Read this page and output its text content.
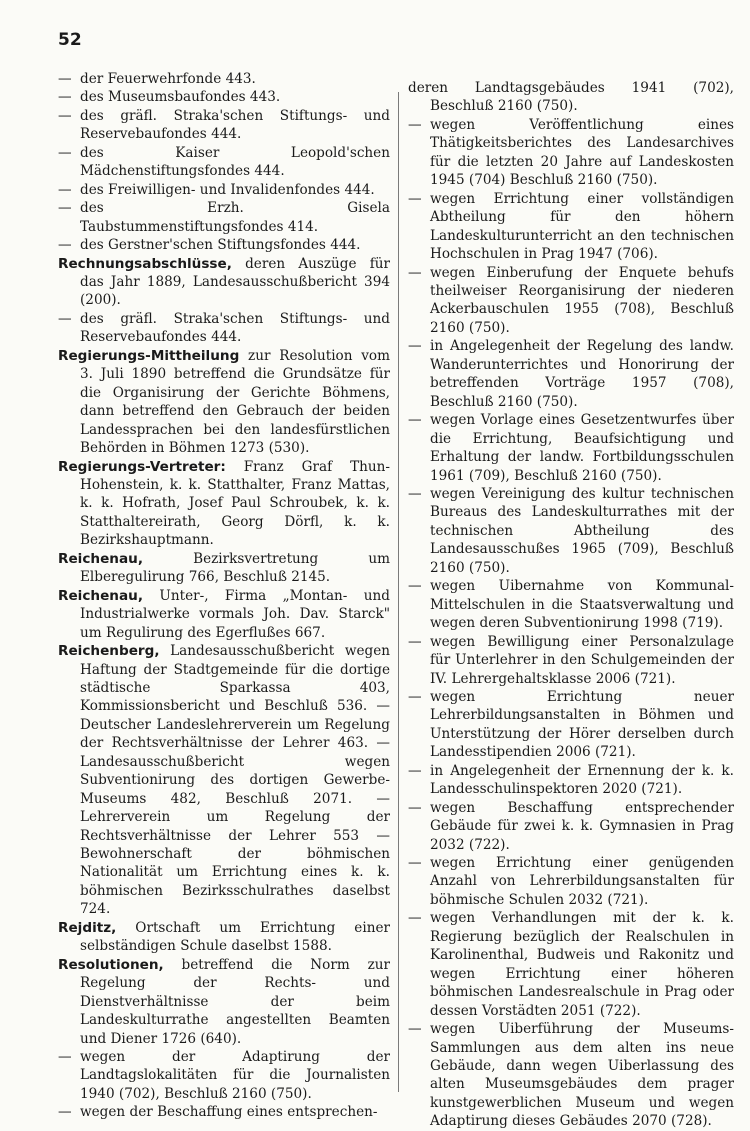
52

— der Feuerwehrfonde 443.

— des Museumsbaufondes 443.

— des gräfl. Straka'schen Stiftungs- und Reservebaufondes 444.

— des Kaiser Leopold'schen Mädchenstiftungsfondes 444.

— des Freiwilligen- und Invalidenfondes 444.

— des Erzh. Gisela Taubstummenstiftungsfondes 414.

— des Gerstner'schen Stiftungsfondes 444.

Rechnungsabschlüsse, deren Auszüge für das Jahr 1889, Landesausschußbericht 394 (200).

— des gräfl. Straka'schen Stiftungs- und Reservebaufondes 444.

Regierungs-Mittheilung zur Resolution vom 3. Juli 1890 betreffend die Grundsätze für die Organisirung der Gerichte Böhmens, dann betreffend den Gebrauch der beiden Landessprachen bei den landesfürstlichen Behörden in Böhmen 1273 (530).

Regierungs-Vertreter: Franz Graf Thun-Hohenstein, k. k. Statthalter, Franz Mattas, k. k. Hofrath, Josef Paul Schroubek, k. k. Statthaltereirath, Georg Dörfl, k. k. Bezirkshauptmann.

Reichenau, Bezirksvertretung um Elberegulirung 766, Beschluß 2145.

Reichenau, Unter-, Firma „Montan- und Industrialwerke vormals Joh. Dav. Starck" um Regulirung des Egerflußes 667.

Reichenberg, Landesausschußbericht wegen Haftung der Stadtgemeinde für die dortige städtische Sparkassa 403, Kommissionsbericht und Beschluß 536. — Deutscher Landeslehrerverein um Regelung der Rechtsverhältnisse der Lehrer 463. — Landesausschußbericht wegen Subventionirung des dortigen Gewerbe-Museums 482, Beschluß 2071. — Lehrerverein um Regelung der Rechtsverhältnisse der Lehrer 553 — Bewohnerschaft der böhmischen Nationalität um Errichtung eines k. k. böhmischen Bezirksschulrathes daselbst 724.

Rejditz, Ortschaft um Errichtung einer selbständigen Schule daselbst 1588.

Resolutionen, betreffend die Norm zur Regelung der Rechts- und Dienstverhältnisse der beim Landeskulturrathe angestellten Beamten und Diener 1726 (640).

— wegen der Adaptirung der Landtagslokalitäten für die Journalisten 1940 (702), Beschluß 2160 (750).

— wegen der Beschaffung eines entsprechen-

deren Landtagsgebäudes 1941 (702), Beschluß 2160 (750).

— wegen Veröffentlichung eines Thätigkeitsberichtes des Landesarchives für die letzten 20 Jahre auf Landeskosten 1945 (704) Beschluß 2160 (750).

— wegen Errichtung einer vollständigen Abtheilung für den höhern Landeskulturunterricht an den technischen Hochschulen in Prag 1947 (706).

— wegen Einberufung der Enquete behufs theilweiser Reorganisirung der niederen Ackerbauschulen 1955 (708), Beschluß 2160 (750).

— in Angelegenheit der Regelung des landw. Wanderunterrichtes und Honorirung der betreffenden Vorträge 1957 (708), Beschluß 2160 (750).

— wegen Vorlage eines Gesetzentwurfes über die Errichtung, Beaufsichtigung und Erhaltung der landw. Fortbildungsschulen 1961 (709), Beschluß 2160 (750).

— wegen Vereinigung des kultur technischen Bureaus des Landeskulturrathes mit der technischen Abtheilung des Landesausschußes 1965 (709), Beschluß 2160 (750).

— wegen Uibernahme von Kommunal-Mittelschulen in die Staatsverwaltung und wegen deren Subventionirung 1998 (719).

— wegen Bewilligung einer Personalzulage für Unterlehrer in den Schulgemeinden der IV. Lehrergehaltsklasse 2006 (721).

— wegen Errichtung neuer Lehrerbildungsanstalten in Böhmen und Unterstützung der Hörer derselben durch Landesstipendien 2006 (721).

— in Angelegenheit der Ernennung der k. k. Landesschulinspektoren 2020 (721).

— wegen Beschaffung entsprechender Gebäude für zwei k. k. Gymnasien in Prag 2032 (722).

— wegen Errichtung einer genügenden Anzahl von Lehrerbildungsanstalten für böhmische Schulen 2032 (721).

— wegen Verhandlungen mit der k. k. Regierung bezüglich der Realschulen in Karolinenthal, Budweis und Rakonitz und wegen Errichtung einer höheren böhmischen Landesrealschule in Prag oder dessen Vorstädten 2051 (722).

— wegen Uiberführung der Museums-Sammlungen aus dem alten ins neue Gebäude, dann wegen Uiberlassung des alten Museumsgebäudes dem prager kunstgewerblichen Museum und wegen Adaptirung dieses Gebäudes 2070 (728).
